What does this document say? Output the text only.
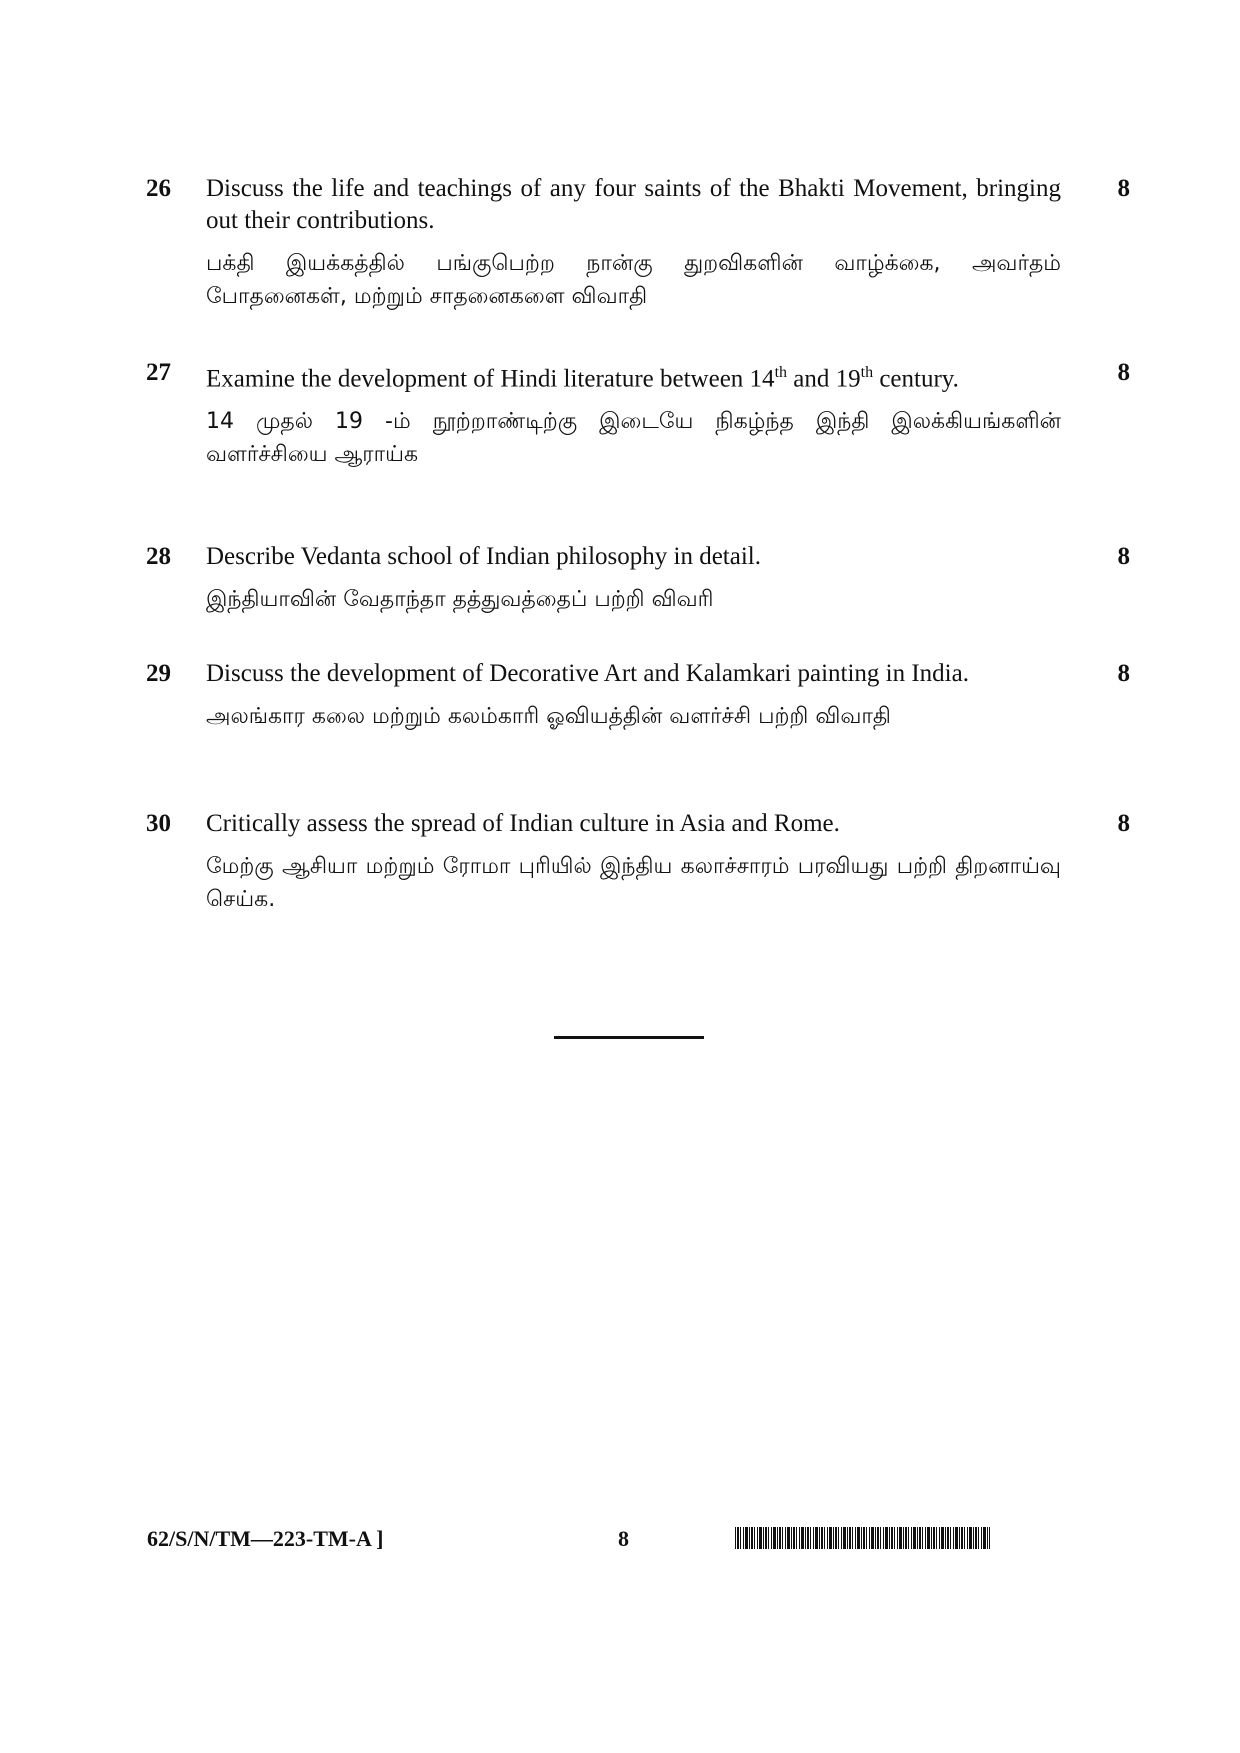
26	Discuss the life and teachings of any four saints of the Bhakti Movement, bringing out their contributions.

பக்தி இயக்கத்தில் பங்குபெற்ற நான்கு துறவிகளின் வாழ்க்கை, அவர்தம் போதனைகள், மற்றும் சாதனைகளை விவாதி

8
27	Examine the development of Hindi literature between 14th and 19th century.

14 முதல் 19 -ம் நூற்றாண்டிற்கு இடையே நிகழ்ந்த இந்தி இலக்கியங்களின் வளர்ச்சியை ஆராய்க

8
28	Describe Vedanta school of Indian philosophy in detail.

இந்தியாவின் வேதாந்தா தத்துவத்தைப் பற்றி விவரி

8
29	Discuss the development of Decorative Art and Kalamkari painting in India.

அலங்கார கலை மற்றும் கலம்காரி ஓவியத்தின் வளர்ச்சி பற்றி விவாதி

8
30	Critically assess the spread of Indian culture in Asia and Rome.

மேற்கு ஆசியா மற்றும் ரோமா புரியில் இந்திய கலாச்சாரம் பரவியது பற்றி திறனாய்வு செய்க.

8
62/S/N/TM—223-TM-A ]	8
